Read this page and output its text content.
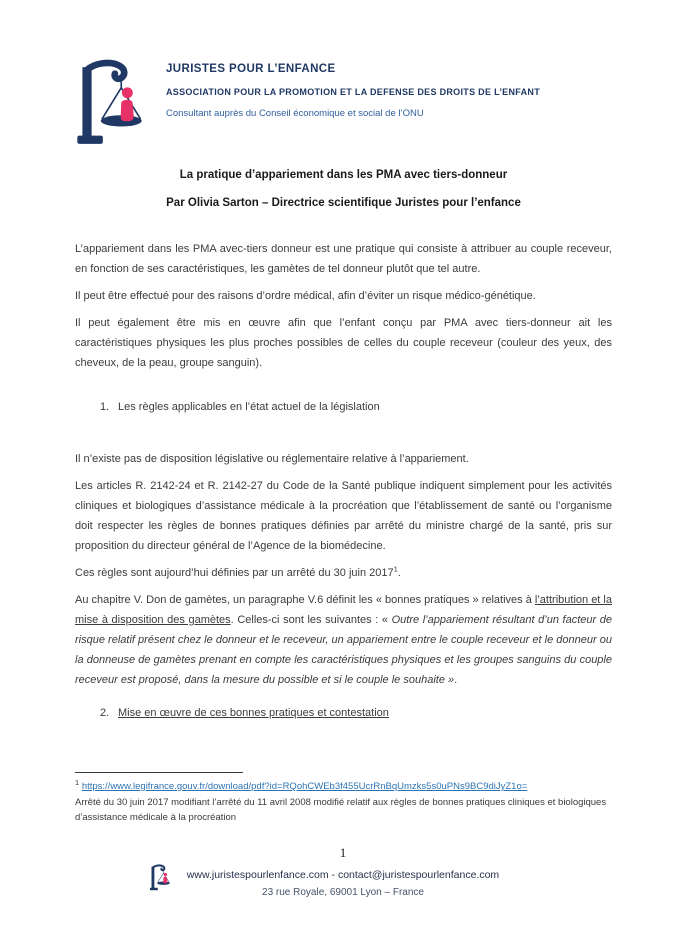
JURISTES POUR L’ENFANCE
ASSOCIATION POUR LA PROMOTION ET LA DEFENSE DES DROITS DE L’ENFANT
Consultant auprès du Conseil économique et social de l’ONU
La pratique d’appariement dans les PMA avec tiers-donneur
Par Olivia Sarton – Directrice scientifique Juristes pour l’enfance

L’appariement dans les PMA avec-tiers donneur est une pratique qui consiste à attribuer au couple receveur, en fonction de ses caractéristiques, les gamètes de tel donneur plutôt que tel autre.

Il peut être effectué pour des raisons d’ordre médical, afin d’éviter un risque médico-génétique.

Il peut également être mis en œuvre afin que l’enfant conçu par PMA avec tiers-donneur ait les caractéristiques physiques les plus proches possibles de celles du couple receveur (couleur des yeux, des cheveux, de la peau, groupe sanguin).

1. Les règles applicables en l’état actuel de la législation

Il n’existe pas de disposition législative ou réglementaire relative à l’appariement.

Les articles R. 2142-24 et R. 2142-27 du Code de la Santé publique indiquent simplement pour les activités cliniques et biologiques d’assistance médicale à la procréation que l’établissement de santé ou l’organisme doit respecter les règles de bonnes pratiques définies par arrêté du ministre chargé de la santé, pris sur proposition du directeur général de l’Agence de la biomédecine.

Ces règles sont aujourd’hui définies par un arrêté du 30 juin 2017$^1$.

Au chapitre V. Don de gamètes, un paragraphe V.6 définit les « bonnes pratiques » relatives à l’attribution et la mise à disposition des gamètes. Celles-ci sont les suivantes : « Outre l’appariement résultant d’un facteur de risque relatif présent chez le donneur et le receveur, un appariement entre le couple receveur et le donneur ou la donneuse de gamètes prenant en compte les caractéristiques physiques et les groupes sanguins du couple receveur est proposé, dans la mesure du possible et si le couple le souhaite ».

2. Mise en œuvre de ces bonnes pratiques et contestation
$^1$ https://www.legifrance.gouv.fr/download/pdf?id=RQohCWEb3f455UcrRnBqUmzks5s0uPNs9BC9diJyZ1o=
Arrêté du 30 juin 2017 modifiant l’arrêté du 11 avril 2008 modifié relatif aux règles de bonnes pratiques cliniques et biologiques d’assistance médicale à la procréation
1
www.juristespourlenfance.com - contact@juristespourlenfance.com
23 rue Royale, 69001 Lyon – France
